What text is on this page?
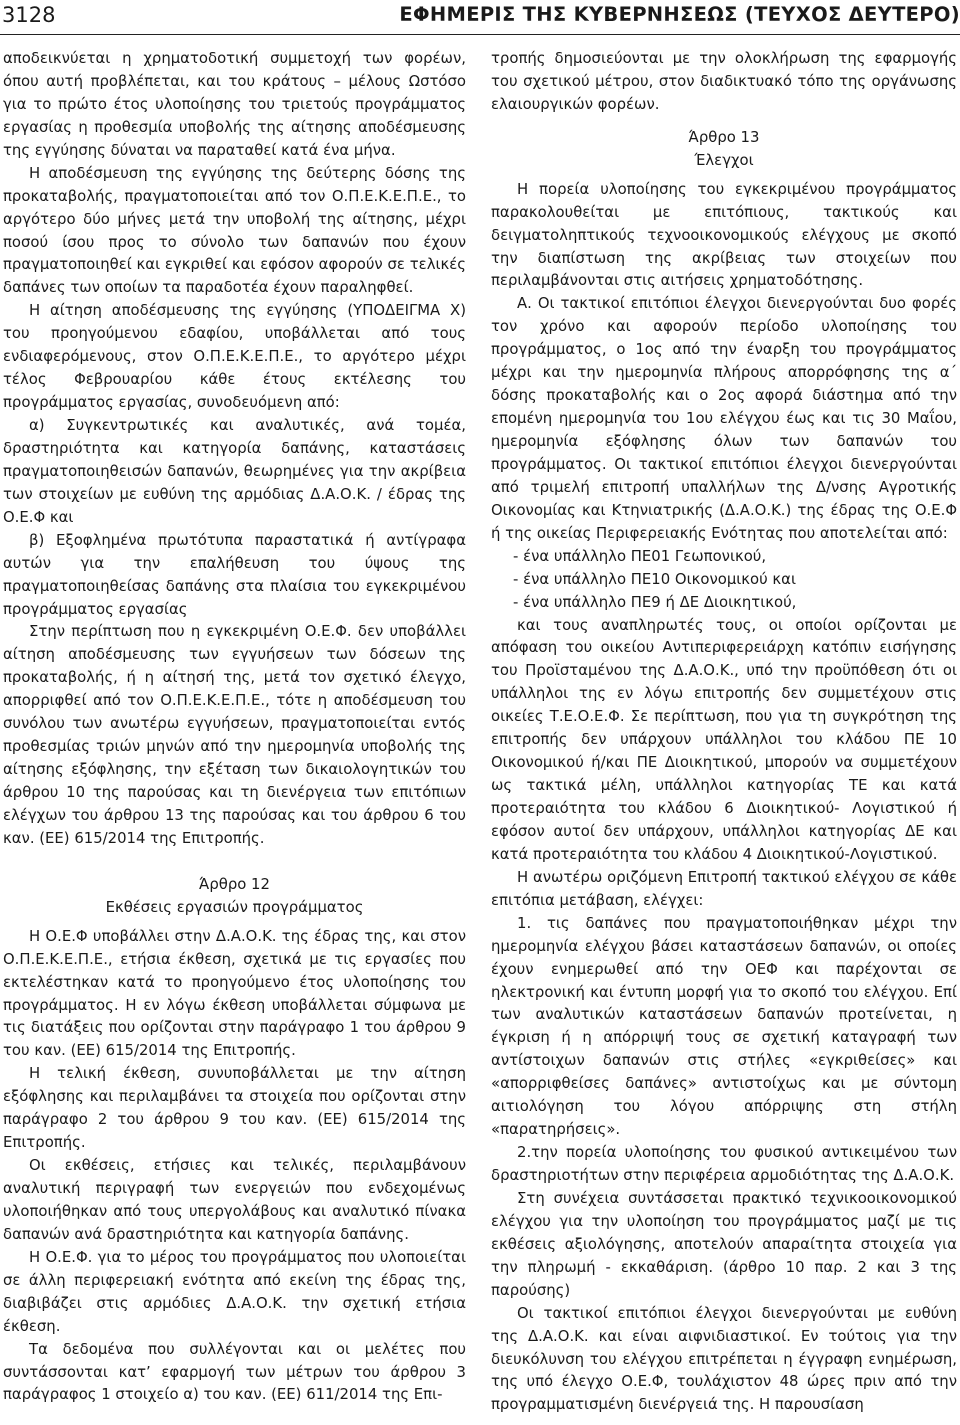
3128	ΕΦΗΜΕΡΙΣ ΤΗΣ ΚΥΒΕΡΝΗΣΕΩΣ (ΤΕΥΧΟΣ ΔΕΥΤΕΡΟ)

αποδεικνύεται η χρηματοδοτική συμμετοχή των φορέων, όπου αυτή προβλέπεται, και του κράτους – μέλους Ωστόσο για το πρώτο έτος υλοποίησης του τριετούς προγράμματος εργασίας η προθεσμία υποβολής της αίτησης αποδέσμευσης της εγγύησης δύναται να παραταθεί κατά ένα μήνα.

Η αποδέσμευση της εγγύησης της δεύτερης δόσης της προκαταβολής, πραγματοποιείται από τον Ο.Π.Ε.Κ.Ε.Π.Ε., το αργότερο δύο μήνες μετά την υποβολή της αίτησης, μέχρι ποσού ίσου προς το σύνολο των δαπανών που έχουν πραγματοποιηθεί και εγκριθεί και εφόσον αφορούν σε τελικές δαπάνες των οποίων τα παραδοτέα έχουν παραληφθεί.

Η αίτηση αποδέσμευσης της εγγύησης (ΥΠΟΔΕΙΓΜΑ Χ) του προηγούμενου εδαφίου, υποβάλλεται από τους ενδιαφερόμενους, στον Ο.Π.Ε.Κ.Ε.Π.Ε., το αργότερο μέχρι τέλος Φεβρουαρίου κάθε έτους εκτέλεσης του προγράμματος εργασίας, συνοδευόμενη από:

α) Συγκεντρωτικές και αναλυτικές, ανά τομέα, δραστηριότητα και κατηγορία δαπάνης, καταστάσεις πραγματοποιηθεισών δαπανών, θεωρημένες για την ακρίβεια των στοιχείων με ευθύνη της αρμόδιας Δ.Α.Ο.Κ. / έδρας της Ο.Ε.Φ και

β) Εξοφλημένα πρωτότυπα παραστατικά ή αντίγραφα αυτών για την επαλήθευση του ύψους της πραγματοποιηθείσας δαπάνης στα πλαίσια του εγκεκριμένου προγράμματος εργασίας

Στην περίπτωση που η εγκεκριμένη Ο.Ε.Φ. δεν υποβάλλει αίτηση αποδέσμευσης των εγγυήσεων των δόσεων της προκαταβολής, ή η αίτησή της, μετά τον σχετικό έλεγχο, απορριφθεί από τον Ο.Π.Ε.Κ.Ε.Π.Ε., τότε η αποδέσμευση του συνόλου των ανωτέρω εγγυήσεων, πραγματοποιείται εντός προθεσμίας τριών μηνών από την ημερομηνία υποβολής της αίτησης εξόφλησης, την εξέταση των δικαιολογητικών του άρθρου 10 της παρούσας και τη διενέργεια των επιτόπιων ελέγχων του άρθρου 13 της παρούσας και του άρθρου 6 του καν. (ΕΕ) 615/2014 της Επιτροπής.

Άρθρο 12

Εκθέσεις εργασιών προγράμματος

Η Ο.Ε.Φ υποβάλλει στην Δ.Α.Ο.Κ. της έδρας της, και στον Ο.Π.Ε.Κ.Ε.Π.Ε., ετήσια έκθεση, σχετικά με τις εργασίες που εκτελέστηκαν κατά το προηγούμενο έτος υλοποίησης του προγράμματος. Η εν λόγω έκθεση υποβάλλεται σύμφωνα με τις διατάξεις που ορίζονται στην παράγραφο 1 του άρθρου 9 του καν. (ΕΕ) 615/2014 της Επιτροπής.

Η τελική έκθεση, συνυποβάλλεται με την αίτηση εξόφλησης και περιλαμβάνει τα στοιχεία που ορίζονται στην παράγραφο 2 του άρθρου 9 του καν. (ΕΕ) 615/2014 της Επιτροπής.

Οι εκθέσεις, ετήσιες και τελικές, περιλαμβάνουν αναλυτική περιγραφή των ενεργειών που ενδεχομένως υλοποιήθηκαν από τους υπεργολάβους και αναλυτικό πίνακα δαπανών ανά δραστηριότητα και κατηγορία δαπάνης.

Η Ο.Ε.Φ. για το μέρος του προγράμματος που υλοποιείται σε άλλη περιφερειακή ενότητα από εκείνη της έδρας της, διαβιβάζει στις αρμόδιες Δ.Α.Ο.Κ. την σχετική ετήσια έκθεση.

Τα δεδομένα που συλλέγονται και οι μελέτες που συντάσσονται κατ’ εφαρμογή των μέτρων του άρθρου 3 παράγραφος 1 στοιχείο α) του καν. (ΕΕ) 611/2014 της Επι-

τροπής δημοσιεύονται με την ολοκλήρωση της εφαρμογής του σχετικού μέτρου, στον διαδικτυακό τόπο της οργάνωσης ελαιουργικών φορέων.

Άρθρο 13

Έλεγχοι

Η πορεία υλοποίησης του εγκεκριμένου προγράμματος παρακολουθείται με επιτόπιους, τακτικούς και δειγματοληπτικούς τεχνοοικονομικούς ελέγχους με σκοπό την διαπίστωση της ακρίβειας των στοιχείων που περιλαμβάνονται στις αιτήσεις χρηματοδότησης.

Α. Οι τακτικοί επιτόπιοι έλεγχοι διενεργούνται δυο φορές τον χρόνο και αφορούν περίοδο υλοποίησης του προγράμματος, ο 1ος από την έναρξη του προγράμματος μέχρι και την ημερομηνία πλήρους απορρόφησης της α΄ δόσης προκαταβολής και ο 2ος αφορά διάστημα από την επομένη ημερομηνία του 1ου ελέγχου έως και τις 30 Μαΐου, ημερομηνία εξόφλησης όλων των δαπανών του προγράμματος. Οι τακτικοί επιτόπιοι έλεγχοι διενεργούνται από τριμελή επιτροπή υπαλλήλων της Δ/νσης Αγροτικής Οικονομίας και Κτηνιατρικής (Δ.Α.Ο.Κ.) της έδρας της Ο.Ε.Φ ή της οικείας Περιφερειακής Ενότητας που αποτελείται από:

- ένα υπάλληλο ΠΕ01 Γεωπονικού,

- ένα υπάλληλο ΠΕ10 Οικονομικού και

- ένα υπάλληλο ΠΕ9 ή ΔΕ Διοικητικού,

και τους αναπληρωτές τους, οι οποίοι ορίζονται με απόφαση του οικείου Αντιπεριφερειάρχη κατόπιν εισήγησης του Προϊσταμένου της Δ.Α.Ο.Κ., υπό την προϋπόθεση ότι οι υπάλληλοι της εν λόγω επιτροπής δεν συμμετέχουν στις οικείες Τ.Ε.Ο.Ε.Φ. Σε περίπτωση, που για τη συγκρότηση της επιτροπής δεν υπάρχουν υπάλληλοι του κλάδου ΠΕ 10 Οικονομικού ή/και ΠΕ Διοικητικού, μπορούν να συμμετέχουν ως τακτικά μέλη, υπάλληλοι κατηγορίας ΤΕ και κατά προτεραιότητα του κλάδου 6 Διοικητικού- Λογιστικού ή εφόσον αυτοί δεν υπάρχουν, υπάλληλοι κατηγορίας ΔΕ και κατά προτεραιότητα του κλάδου 4 Διοικητικού-Λογιστικού.

Η ανωτέρω οριζόμενη Επιτροπή τακτικού ελέγχου σε κάθε επιτόπια μετάβαση, ελέγχει:

1. τις δαπάνες που πραγματοποιήθηκαν μέχρι την ημερομηνία ελέγχου βάσει καταστάσεων δαπανών, οι οποίες έχουν ενημερωθεί από την ΟΕΦ και παρέχονται σε ηλεκτρονική και έντυπη μορφή για το σκοπό του ελέγχου. Επί των αναλυτικών καταστάσεων δαπανών προτείνεται, η έγκριση ή η απόρριψή τους σε σχετική καταγραφή των αντίστοιχων δαπανών στις στήλες «εγκριθείσες» και «απορριφθείσες δαπάνες» αντιστοίχως και με σύντομη αιτιολόγηση του λόγου απόρριψης στη στήλη «παρατηρήσεις».

2.την πορεία υλοποίησης του φυσικού αντικειμένου των δραστηριοτήτων στην περιφέρεια αρμοδιότητας της Δ.Α.Ο.Κ.

Στη συνέχεια συντάσσεται πρακτικό τεχνικοοικονομικού ελέγχου για την υλοποίηση του προγράμματος μαζί με τις εκθέσεις αξιολόγησης, αποτελούν απαραίτητα στοιχεία για την πληρωμή - εκκαθάριση. (άρθρο 10 παρ. 2 και 3 της παρούσης)

Οι τακτικοί επιτόπιοι έλεγχοι διενεργούνται με ευθύνη της Δ.Α.Ο.Κ. και είναι αιφνιδιαστικοί. Εν τούτοις για την διευκόλυνση του ελέγχου επιτρέπεται η έγγραφη ενημέρωση, της υπό έλεγχο Ο.Ε.Φ, τουλάχιστον 48 ώρες πριν από την προγραμματισμένη διενέργειά της. Η παρουσίαση
